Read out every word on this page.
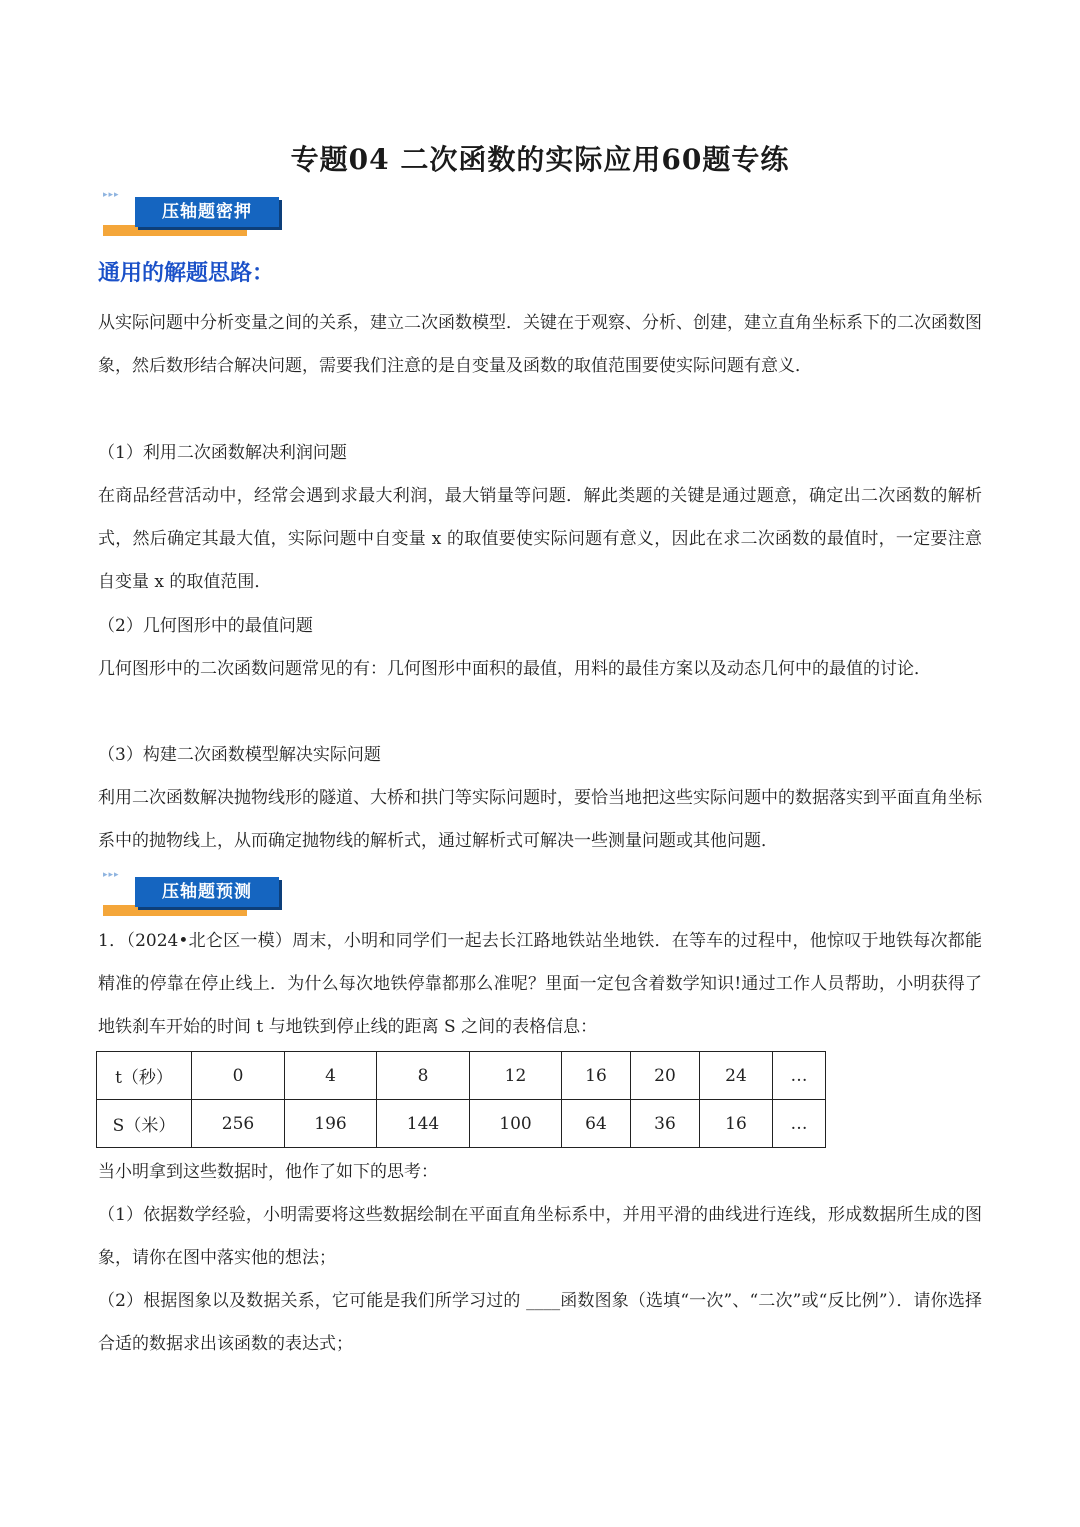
专题04 二次函数的实际应用60题专练
▸▸▸
压轴题密押
通用的解题思路：
从实际问题中分析变量之间的关系，建立二次函数模型．关键在于观察、分析、创建，建立直角坐标系下的二次函数图象，然后数形结合解决问题，需要我们注意的是自变量及函数的取值范围要使实际问题有意义．
（1）利用二次函数解决利润问题
在商品经营活动中，经常会遇到求最大利润，最大销量等问题．解此类题的关键是通过题意，确定出二次函数的解析式，然后确定其最大值，实际问题中自变量 x 的取值要使实际问题有意义，因此在求二次函数的最值时，一定要注意自变量 x 的取值范围．
（2）几何图形中的最值问题
几何图形中的二次函数问题常见的有：几何图形中面积的最值，用料的最佳方案以及动态几何中的最值的讨论．
（3）构建二次函数模型解决实际问题
利用二次函数解决抛物线形的隧道、大桥和拱门等实际问题时，要恰当地把这些实际问题中的数据落实到平面直角坐标系中的抛物线上，从而确定抛物线的解析式，通过解析式可解决一些测量问题或其他问题．
▸▸▸
压轴题预测
1．（2024•北仑区一模）周末，小明和同学们一起去长江路地铁站坐地铁．在等车的过程中，他惊叹于地铁每次都能精准的停靠在停止线上．为什么每次地铁停靠都那么准呢？里面一定包含着数学知识!通过工作人员帮助，小明获得了地铁刹车开始的时间 t 与地铁到停止线的距离 S 之间的表格信息：
t（秒）	0	4	8	12	16	20	24	…
S（米）	256	196	144	100	64	36	16	…
当小明拿到这些数据时，他作了如下的思考：
（1）依据数学经验，小明需要将这些数据绘制在平面直角坐标系中，并用平滑的曲线进行连线，形成数据所生成的图象，请你在图中落实他的想法；
（2）根据图象以及数据关系，它可能是我们所学习过的 ____函数图象（选填“一次”、“二次”或“反比例”）．请你选择合适的数据求出该函数的表达式；
